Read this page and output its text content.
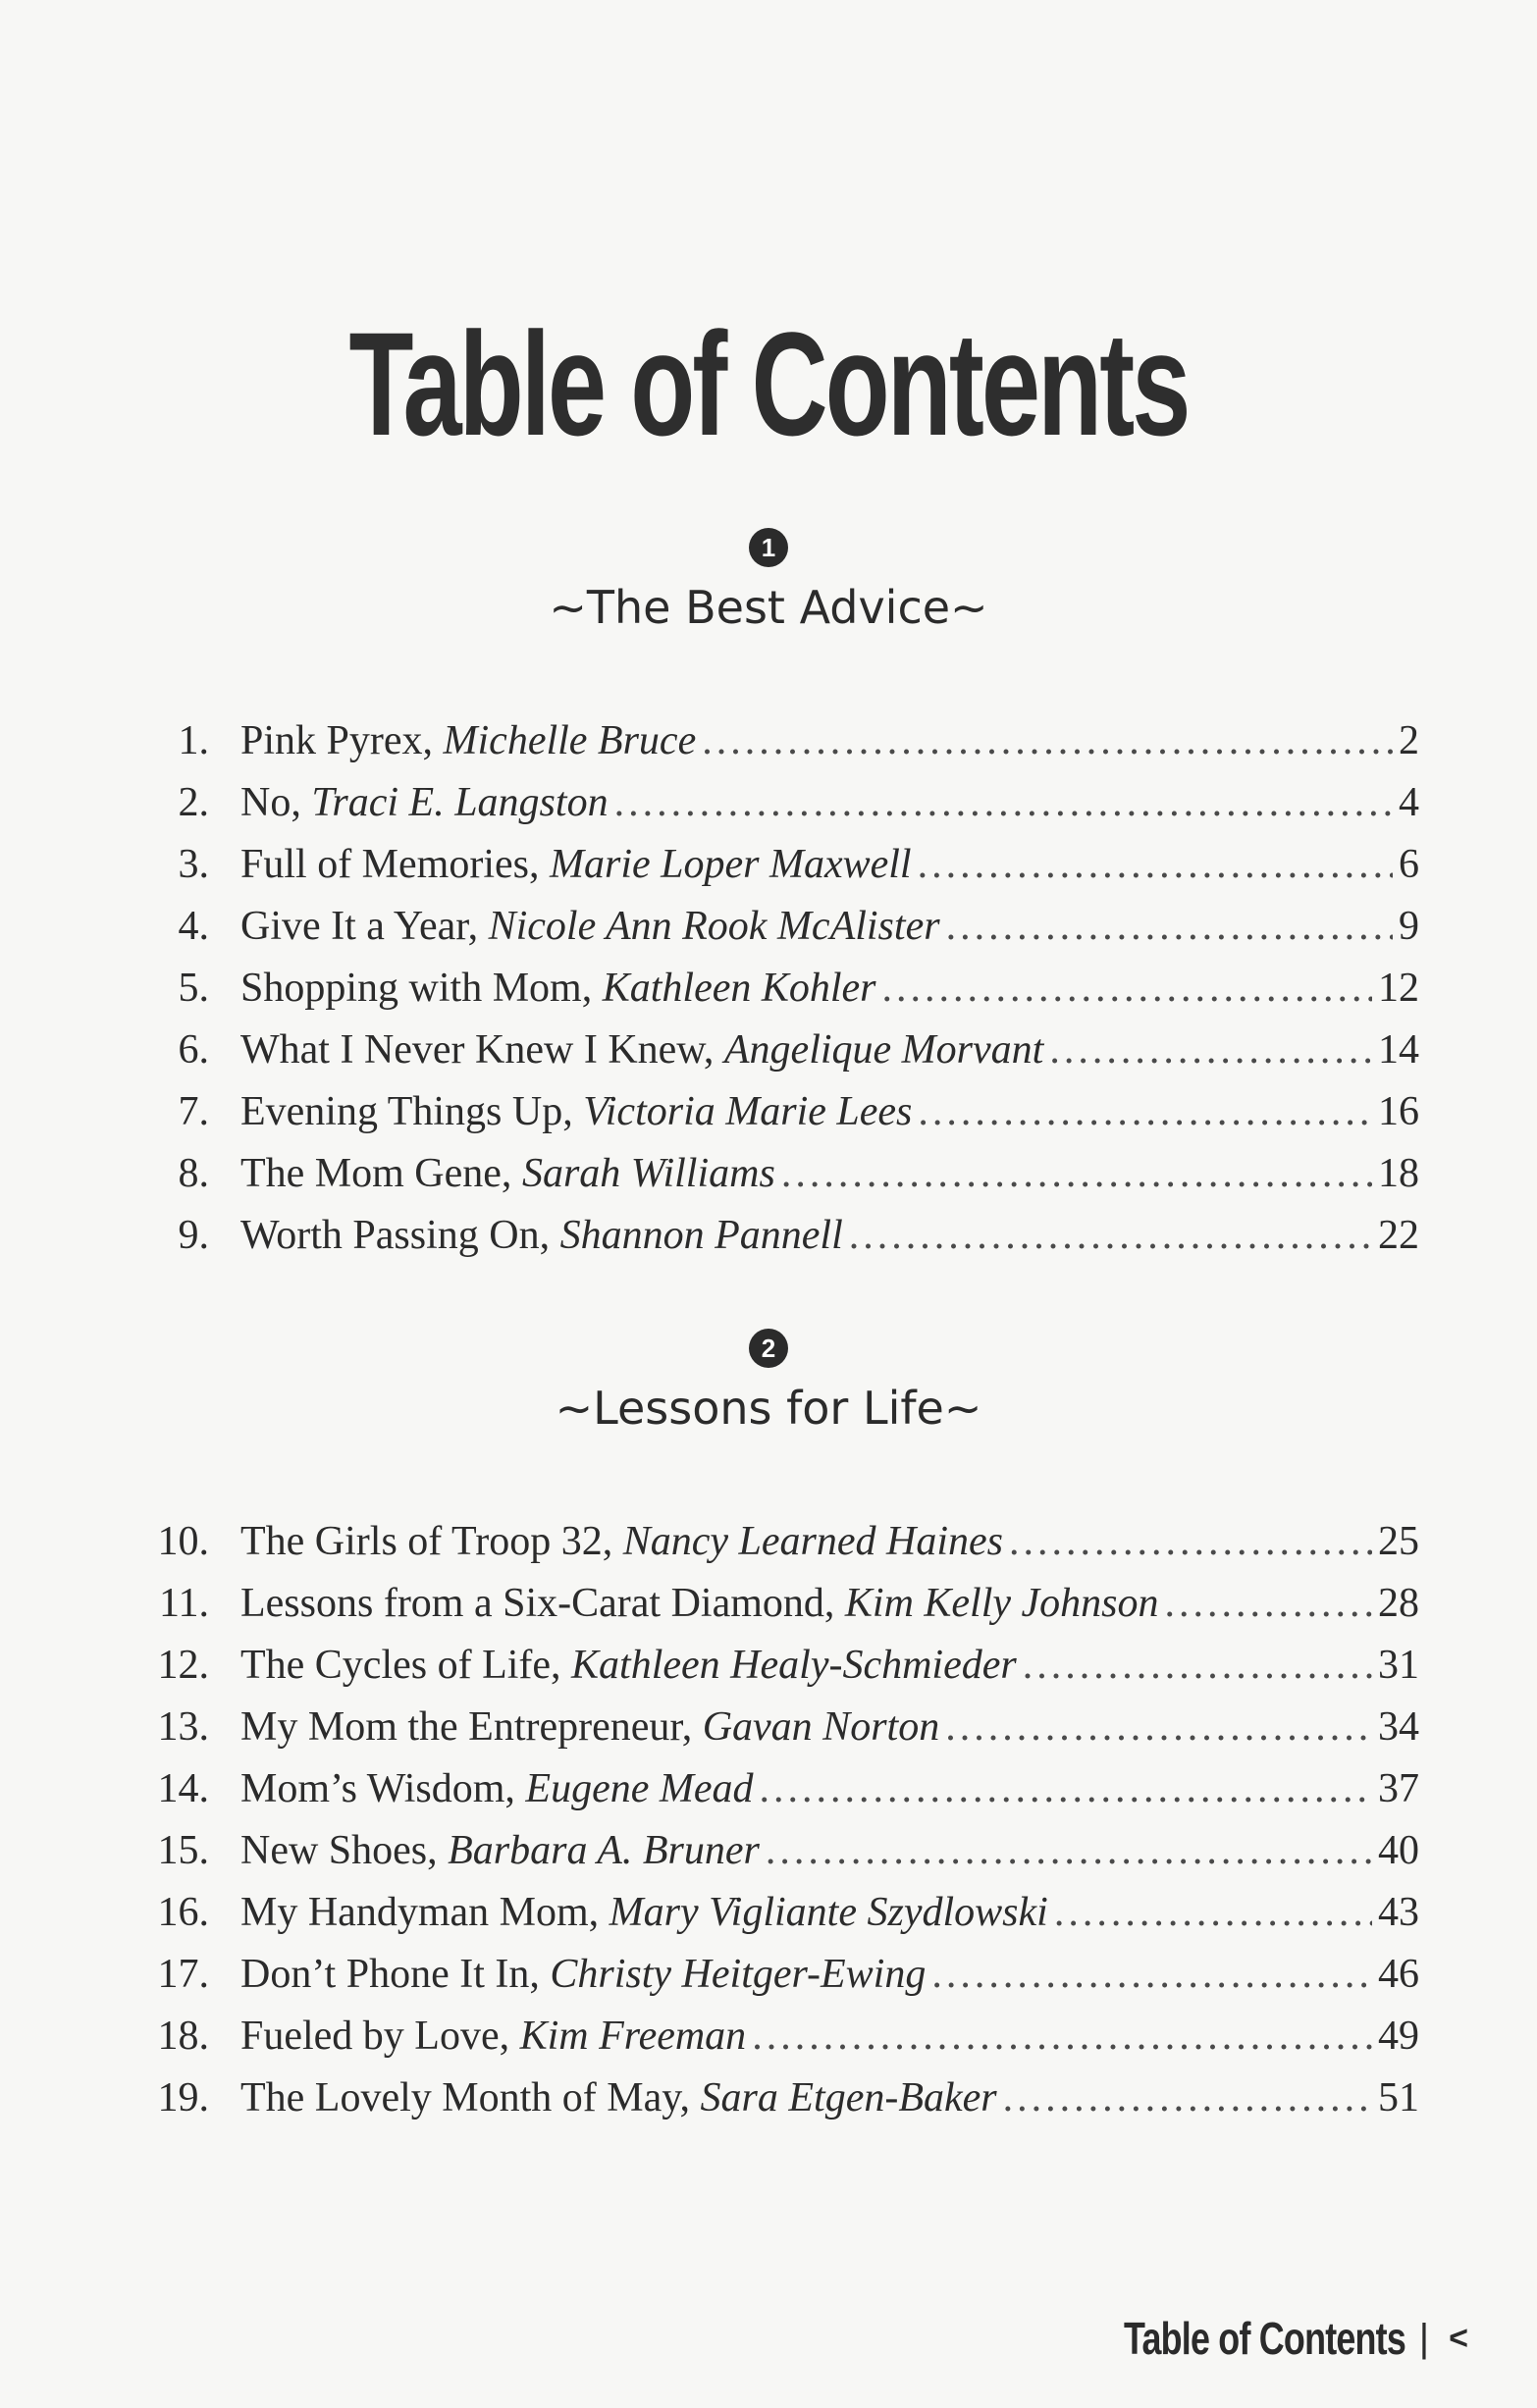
Table of Contents
1
~The Best Advice~
1. Pink Pyrex, Michelle Bruce .....	2
2. No, Traci E. Langston .....	4
3. Full of Memories, Marie Loper Maxwell .....	6
4. Give It a Year, Nicole Ann Rook McAlister .....	9
5. Shopping with Mom, Kathleen Kohler .....	12
6. What I Never Knew I Knew, Angelique Morvant .....	14
7. Evening Things Up, Victoria Marie Lees .....	16
8. The Mom Gene, Sarah Williams .....	18
9. Worth Passing On, Shannon Pannell .....	22
2
~Lessons for Life~
10. The Girls of Troop 32, Nancy Learned Haines .....	25
11. Lessons from a Six-Carat Diamond, Kim Kelly Johnson .....	28
12. The Cycles of Life, Kathleen Healy-Schmieder .....	31
13. My Mom the Entrepreneur, Gavan Norton .....	34
14. Mom’s Wisdom, Eugene Mead .....	37
15. New Shoes, Barbara A. Bruner .....	40
16. My Handyman Mom, Mary Vigliante Szydlowski .....	43
17. Don’t Phone It In, Christy Heitger-Ewing .....	46
18. Fueled by Love, Kim Freeman .....	49
19. The Lovely Month of May, Sara Etgen-Baker .....	51
Table of Contents | <
